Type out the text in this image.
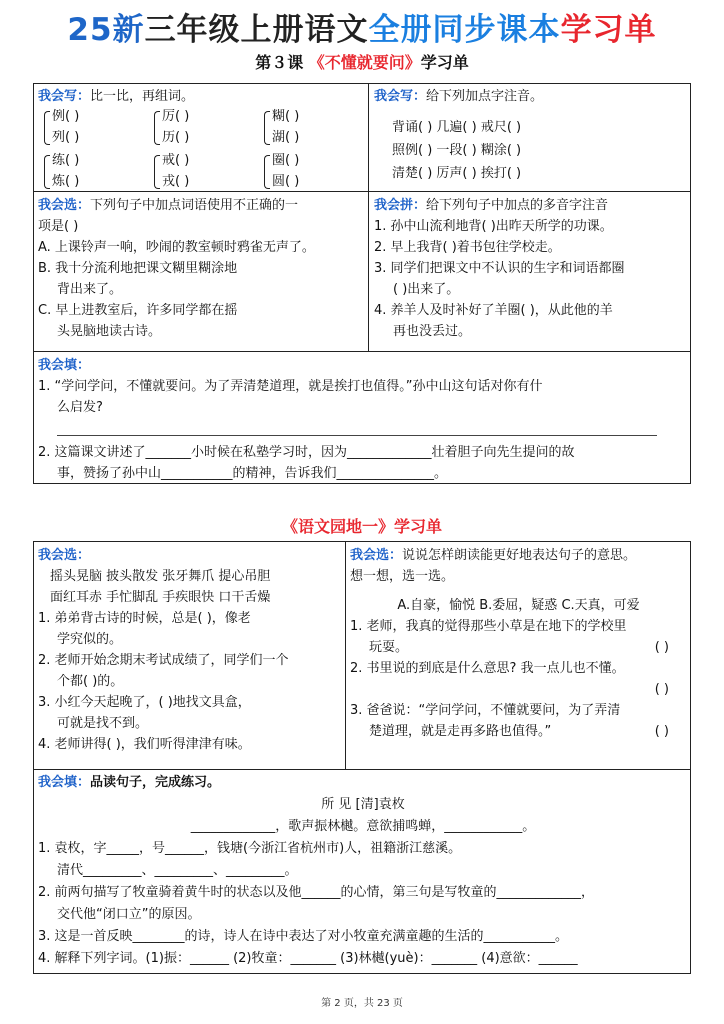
25新三年级上册语文全册同步课本学习单
第３课 《不懂就要问》学习单
我会写：比一比，再组词。
例( )
列( )
厉( )
历( )
糊( )
湖( )
练( )
炼( )
戒( )
戎( )
圈( )
圆( )
我会写：给下列加点字注音。
背诵( ) 几遍( ) 戒尺( )
照例( ) 一段( ) 糊涂( )
清楚( ) 厉声( ) 挨打( )
我会选：下列句子中加点词语使用不正确的一
项是( )
A. 上课铃声一响，吵闹的教室顿时鸦雀无声了。
B. 我十分流利地把课文糊里糊涂地
背出来了。
C. 早上进教室后，许多同学都在摇
头晃脑地读古诗。
我会拼：给下列句子中加点的多音字注音
1. 孙中山流利地背( )出昨天所学的功课。
2. 早上我背( )着书包往学校走。
3. 同学们把课文中不认识的生字和词语都圈
( )出来了。
4. 养羊人及时补好了羊圈( )，从此他的羊
再也没丢过。
我会填：
1. “学问学问，不懂就要问。为了弄清楚道理，就是挨打也值得。”孙中山这句话对你有什
么启发?
2. 这篇课文讲述了_______小时候在私塾学习时，因为_____________壮着胆子向先生提问的故
事，赞扬了孙中山___________的精神，告诉我们_______________。
《语文园地一》学习单
我会选：
摇头晃脑 披头散发 张牙舞爪 提心吊胆
面红耳赤 手忙脚乱 手疾眼快 口干舌燥
1. 弟弟背古诗的时候，总是( )，像老
学究似的。
2. 老师开始念期末考试成绩了，同学们一个
个都( )的。
3. 小红今天起晚了，( )地找文具盒，
可就是找不到。
4. 老师讲得( )，我们听得津津有味。
我会选：说说怎样朗读能更好地表达句子的意思。
想一想，选一选。
A.自豪，愉悦 B.委屈，疑惑 C.天真，可爱
1. 老师，我真的觉得那些小草是在地下的学校里
玩耍。	( )
2. 书里说的到底是什么意思? 我一点儿也不懂。
( )
3. 爸爸说：“学问学问，不懂就要问，为了弄清
楚道理，就是走再多路也值得。”	( )
我会填：品读句子，完成练习。
所 见 [清]袁枚
_____________，歌声振林樾。意欲捕鸣蝉，____________。
1. 袁枚，字_____，号______，钱塘(今浙江省杭州市)人，祖籍浙江慈溪。
清代_________、_________、_________。
2. 前两句描写了牧童骑着黄牛时的状态以及他______的心情，第三句是写牧童的_____________，
交代他“闭口立”的原因。
3. 这是一首反映________的诗，诗人在诗中表达了对小牧童充满童趣的生活的___________。
4. 解释下列字词。(1)振：______ (2)牧童：_______ (3)林樾(yuè)：_______ (4)意欲：______
第 2 页，共 23 页
